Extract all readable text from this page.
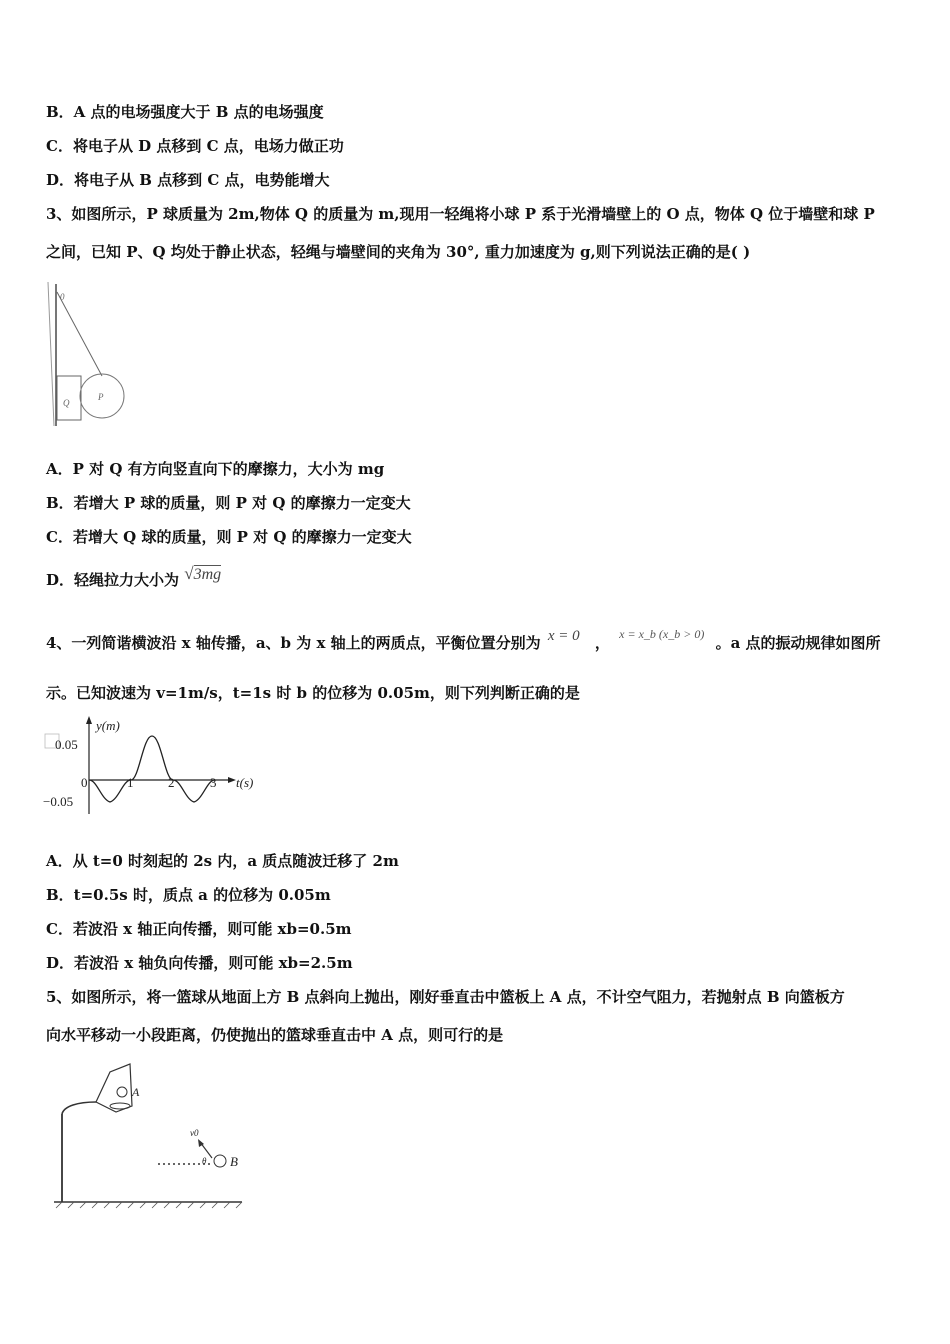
B．A 点的电场强度大于 B 点的电场强度
C．将电子从 D 点移到 C 点，电场力做正功
D．将电子从 B 点移到 C 点，电势能增大
3、如图所示，P 球质量为 2m,物体 Q 的质量为 m,现用一轻绳将小球 P 系于光滑墙壁上的 O 点，物体 Q 位于墙壁和球 P
之间，已知 P、Q 均处于静止状态，轻绳与墙壁间的夹角为 30°, 重力加速度为 g,则下列说法正确的是( )
0
Q
P
A．P 对 Q 有方向竖直向下的摩擦力，大小为 mg
B．若增大 P 球的质量，则 P 对 Q 的摩擦力一定变大
C．若增大 Q 球的质量，则 P 对 Q 的摩擦力一定变大
D．轻绳拉力大小为 √3mg
4、一列简谐横波沿 x 轴传播，a、b 为 x 轴上的两质点，平衡位置分别为 x = 0 ， $^{x = x\_b (x\_b > 0)}$ 。a 点的振动规律如图所
示。已知波速为 v=1m/s，t=1s 时 b 的位移为 0.05m，则下列判断正确的是
y(m)
0.05
−0.05
0	1	2	3 t(s)
A．从 t=0 时刻起的 2s 内，a 质点随波迁移了 2m
B．t=0.5s 时，质点 a 的位移为 0.05m
C．若波沿 x 轴正向传播，则可能 xb=0.5m
D．若波沿 x 轴负向传播，则可能 xb=2.5m
5、如图所示，将一篮球从地面上方 B 点斜向上抛出，刚好垂直击中篮板上 A 点，不计空气阻力，若抛射点 B 向篮板方
向水平移动一小段距离，仍使抛出的篮球垂直击中 A 点，则可行的是
A
v0
θ B
